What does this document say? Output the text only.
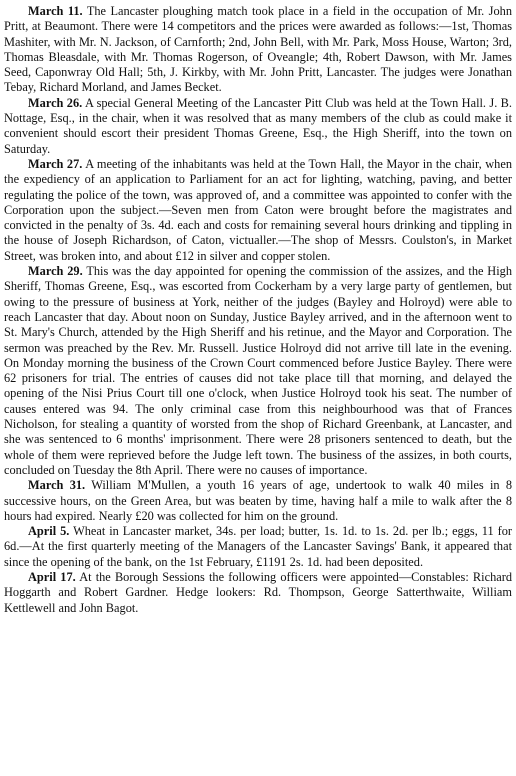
March 11. The Lancaster ploughing match took place in a field in the occupation of Mr. John Pritt, at Beaumont. There were 14 competitors and the prices were awarded as follows:—1st, Thomas Mashiter, with Mr. N. Jackson, of Carnforth; 2nd, John Bell, with Mr. Park, Moss House, Warton; 3rd, Thomas Bleasdale, with Mr. Thomas Rogerson, of Oveangle; 4th, Robert Dawson, with Mr. James Seed, Caponwray Old Hall; 5th, J. Kirkby, with Mr. John Pritt, Lancaster. The judges were Jonathan Tebay, Richard Morland, and James Becket.

March 26. A special General Meeting of the Lancaster Pitt Club was held at the Town Hall. J. B. Nottage, Esq., in the chair, when it was resolved that as many members of the club as could make it convenient should escort their president Thomas Greene, Esq., the High Sheriff, into the town on Saturday.

March 27. A meeting of the inhabitants was held at the Town Hall, the Mayor in the chair, when the expediency of an application to Parliament for an act for lighting, watching, paving, and better regulating the police of the town, was approved of, and a committee was appointed to confer with the Corporation upon the subject.—Seven men from Caton were brought before the magistrates and convicted in the penalty of 3s. 4d. each and costs for remaining several hours drinking and tippling in the house of Joseph Richardson, of Caton, victualler.—The shop of Messrs. Coulston's, in Market Street, was broken into, and about £12 in silver and copper stolen.

March 29. This was the day appointed for opening the commission of the assizes, and the High Sheriff, Thomas Greene, Esq., was escorted from Cockerham by a very large party of gentlemen, but owing to the pressure of business at York, neither of the judges (Bayley and Holroyd) were able to reach Lancaster that day. About noon on Sunday, Justice Bayley arrived, and in the afternoon went to St. Mary's Church, attended by the High Sheriff and his retinue, and the Mayor and Corporation. The sermon was preached by the Rev. Mr. Russell. Justice Holroyd did not arrive till late in the evening. On Monday morning the business of the Crown Court commenced before Justice Bayley. There were 62 prisoners for trial. The entries of causes did not take place till that morning, and delayed the opening of the Nisi Prius Court till one o'clock, when Justice Holroyd took his seat. The number of causes entered was 94. The only criminal case from this neighbourhood was that of Frances Nicholson, for stealing a quantity of worsted from the shop of Richard Greenbank, at Lancaster, and she was sentenced to 6 months' imprisonment. There were 28 prisoners sentenced to death, but the whole of them were reprieved before the Judge left town. The business of the assizes, in both courts, concluded on Tuesday the 8th April. There were no causes of importance.

March 31. William M'Mullen, a youth 16 years of age, undertook to walk 40 miles in 8 successive hours, on the Green Area, but was beaten by time, having half a mile to walk after the 8 hours had expired. Nearly £20 was collected for him on the ground.

April 5. Wheat in Lancaster market, 34s. per load; butter, 1s. 1d. to 1s. 2d. per lb.; eggs, 11 for 6d.—At the first quarterly meeting of the Managers of the Lancaster Savings' Bank, it appeared that since the opening of the bank, on the 1st February, £1191 2s. 1d. had been deposited.

April 17. At the Borough Sessions the following officers were appointed—Constables: Richard Hoggarth and Robert Gardner. Hedge lookers: Rd. Thompson, George Satterthwaite, William Kettlewell and John Bagot.
